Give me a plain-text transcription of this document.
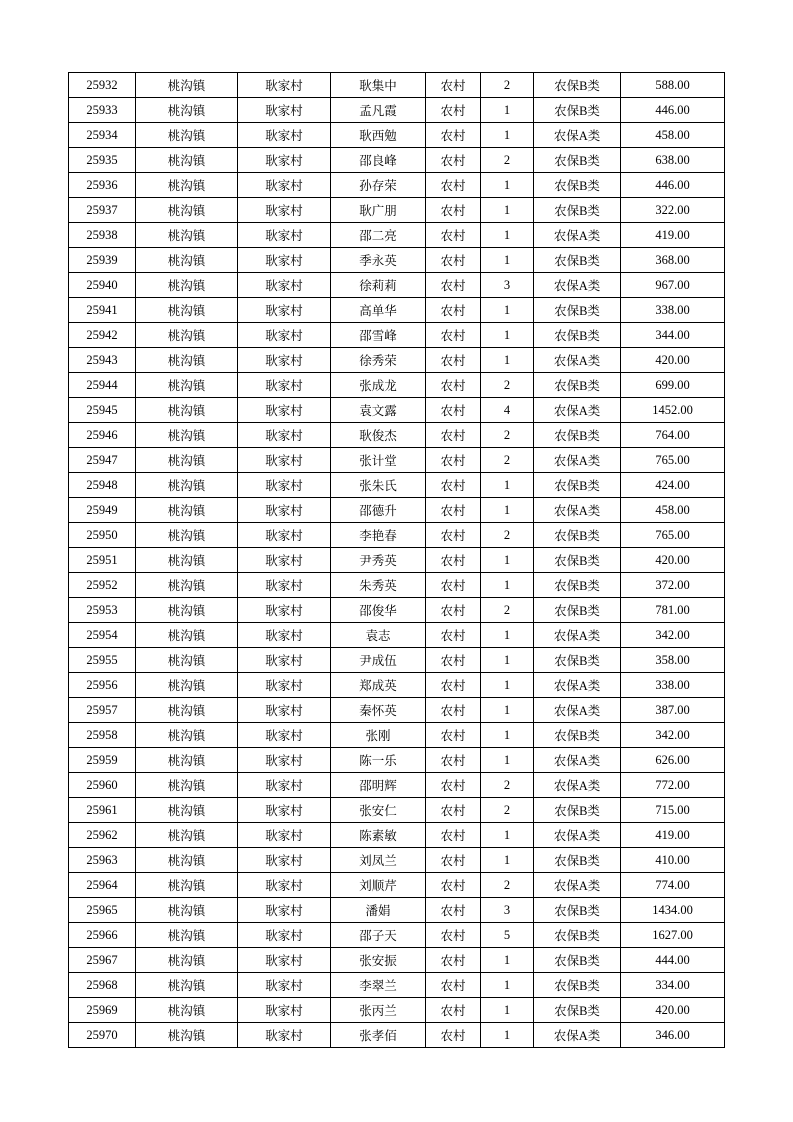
25932	桃沟镇	耿家村	耿集中	农村	2	农保B类	588.00
25933	桃沟镇	耿家村	孟凡霞	农村	1	农保B类	446.00
25934	桃沟镇	耿家村	耿西勉	农村	1	农保A类	458.00
25935	桃沟镇	耿家村	邵良峰	农村	2	农保B类	638.00
25936	桃沟镇	耿家村	孙存荣	农村	1	农保B类	446.00
25937	桃沟镇	耿家村	耿广朋	农村	1	农保B类	322.00
25938	桃沟镇	耿家村	邵二亮	农村	1	农保A类	419.00
25939	桃沟镇	耿家村	季永英	农村	1	农保B类	368.00
25940	桃沟镇	耿家村	徐莉莉	农村	3	农保A类	967.00
25941	桃沟镇	耿家村	高单华	农村	1	农保B类	338.00
25942	桃沟镇	耿家村	邵雪峰	农村	1	农保B类	344.00
25943	桃沟镇	耿家村	徐秀荣	农村	1	农保A类	420.00
25944	桃沟镇	耿家村	张成龙	农村	2	农保B类	699.00
25945	桃沟镇	耿家村	袁文露	农村	4	农保A类	1452.00
25946	桃沟镇	耿家村	耿俊杰	农村	2	农保B类	764.00
25947	桃沟镇	耿家村	张计堂	农村	2	农保A类	765.00
25948	桃沟镇	耿家村	张朱氏	农村	1	农保B类	424.00
25949	桃沟镇	耿家村	邵德升	农村	1	农保A类	458.00
25950	桃沟镇	耿家村	李艳春	农村	2	农保B类	765.00
25951	桃沟镇	耿家村	尹秀英	农村	1	农保B类	420.00
25952	桃沟镇	耿家村	朱秀英	农村	1	农保B类	372.00
25953	桃沟镇	耿家村	邵俊华	农村	2	农保B类	781.00
25954	桃沟镇	耿家村	袁志	农村	1	农保A类	342.00
25955	桃沟镇	耿家村	尹成伍	农村	1	农保B类	358.00
25956	桃沟镇	耿家村	郑成英	农村	1	农保A类	338.00
25957	桃沟镇	耿家村	秦怀英	农村	1	农保A类	387.00
25958	桃沟镇	耿家村	张刚	农村	1	农保B类	342.00
25959	桃沟镇	耿家村	陈一乐	农村	1	农保A类	626.00
25960	桃沟镇	耿家村	邵明辉	农村	2	农保A类	772.00
25961	桃沟镇	耿家村	张安仁	农村	2	农保B类	715.00
25962	桃沟镇	耿家村	陈素敏	农村	1	农保A类	419.00
25963	桃沟镇	耿家村	刘凤兰	农村	1	农保B类	410.00
25964	桃沟镇	耿家村	刘顺芹	农村	2	农保A类	774.00
25965	桃沟镇	耿家村	潘娟	农村	3	农保B类	1434.00
25966	桃沟镇	耿家村	邵子天	农村	5	农保B类	1627.00
25967	桃沟镇	耿家村	张安振	农村	1	农保B类	444.00
25968	桃沟镇	耿家村	李翠兰	农村	1	农保B类	334.00
25969	桃沟镇	耿家村	张丙兰	农村	1	农保B类	420.00
25970	桃沟镇	耿家村	张孝佰	农村	1	农保A类	346.00
